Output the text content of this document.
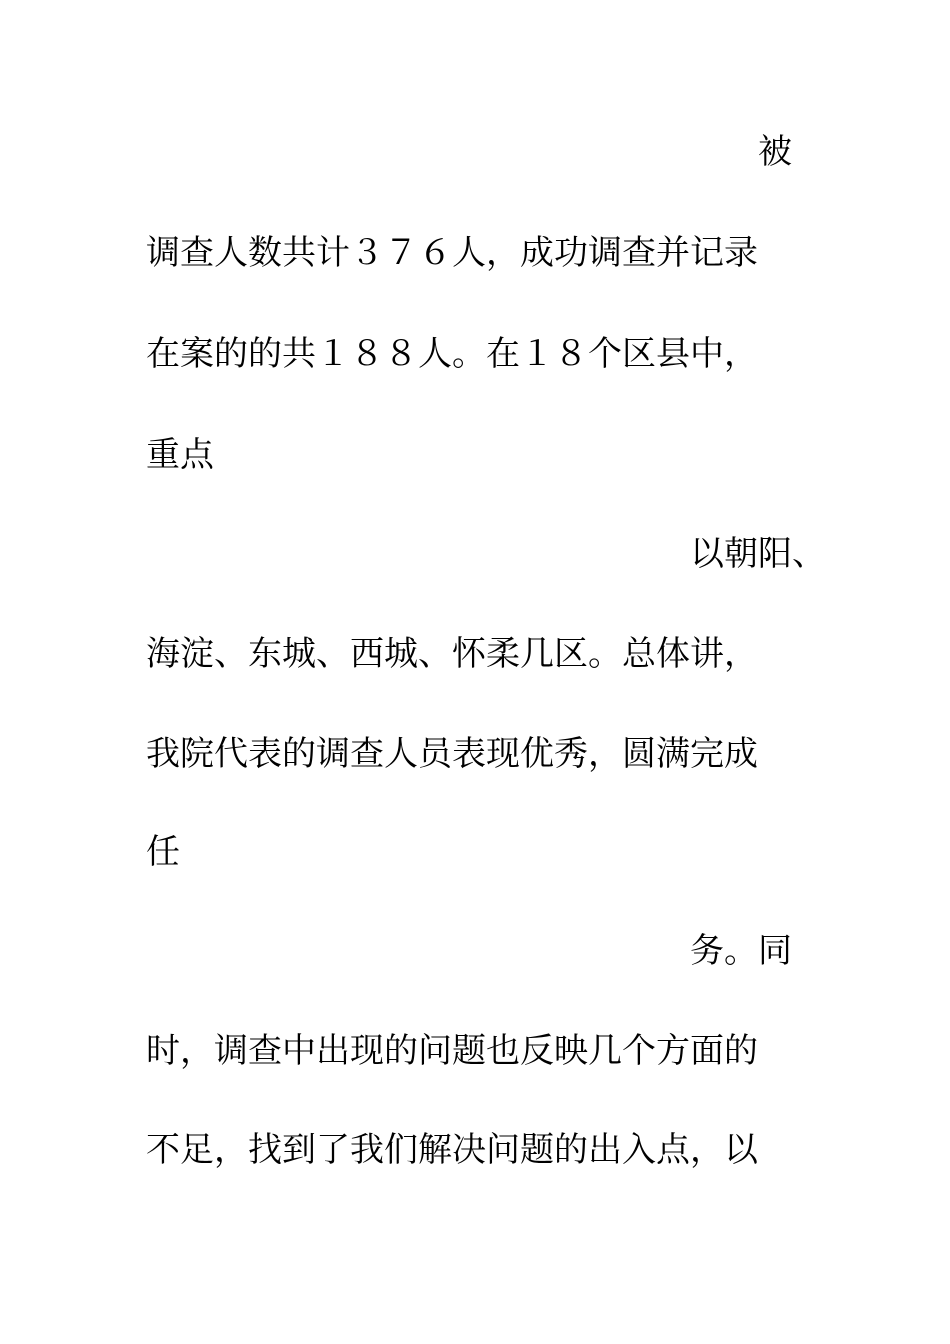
被
调查人数共计３７６人，成功调查并记录
在案的的共１８８人。在１８个区县中，
重点
以朝阳、
海淀、东城、西城、怀柔几区。总体讲，
我院代表的调查人员表现优秀，圆满完成
任
务。同
时，调查中出现的问题也反映几个方面的
不足，找到了我们解决问题的出入点，以
